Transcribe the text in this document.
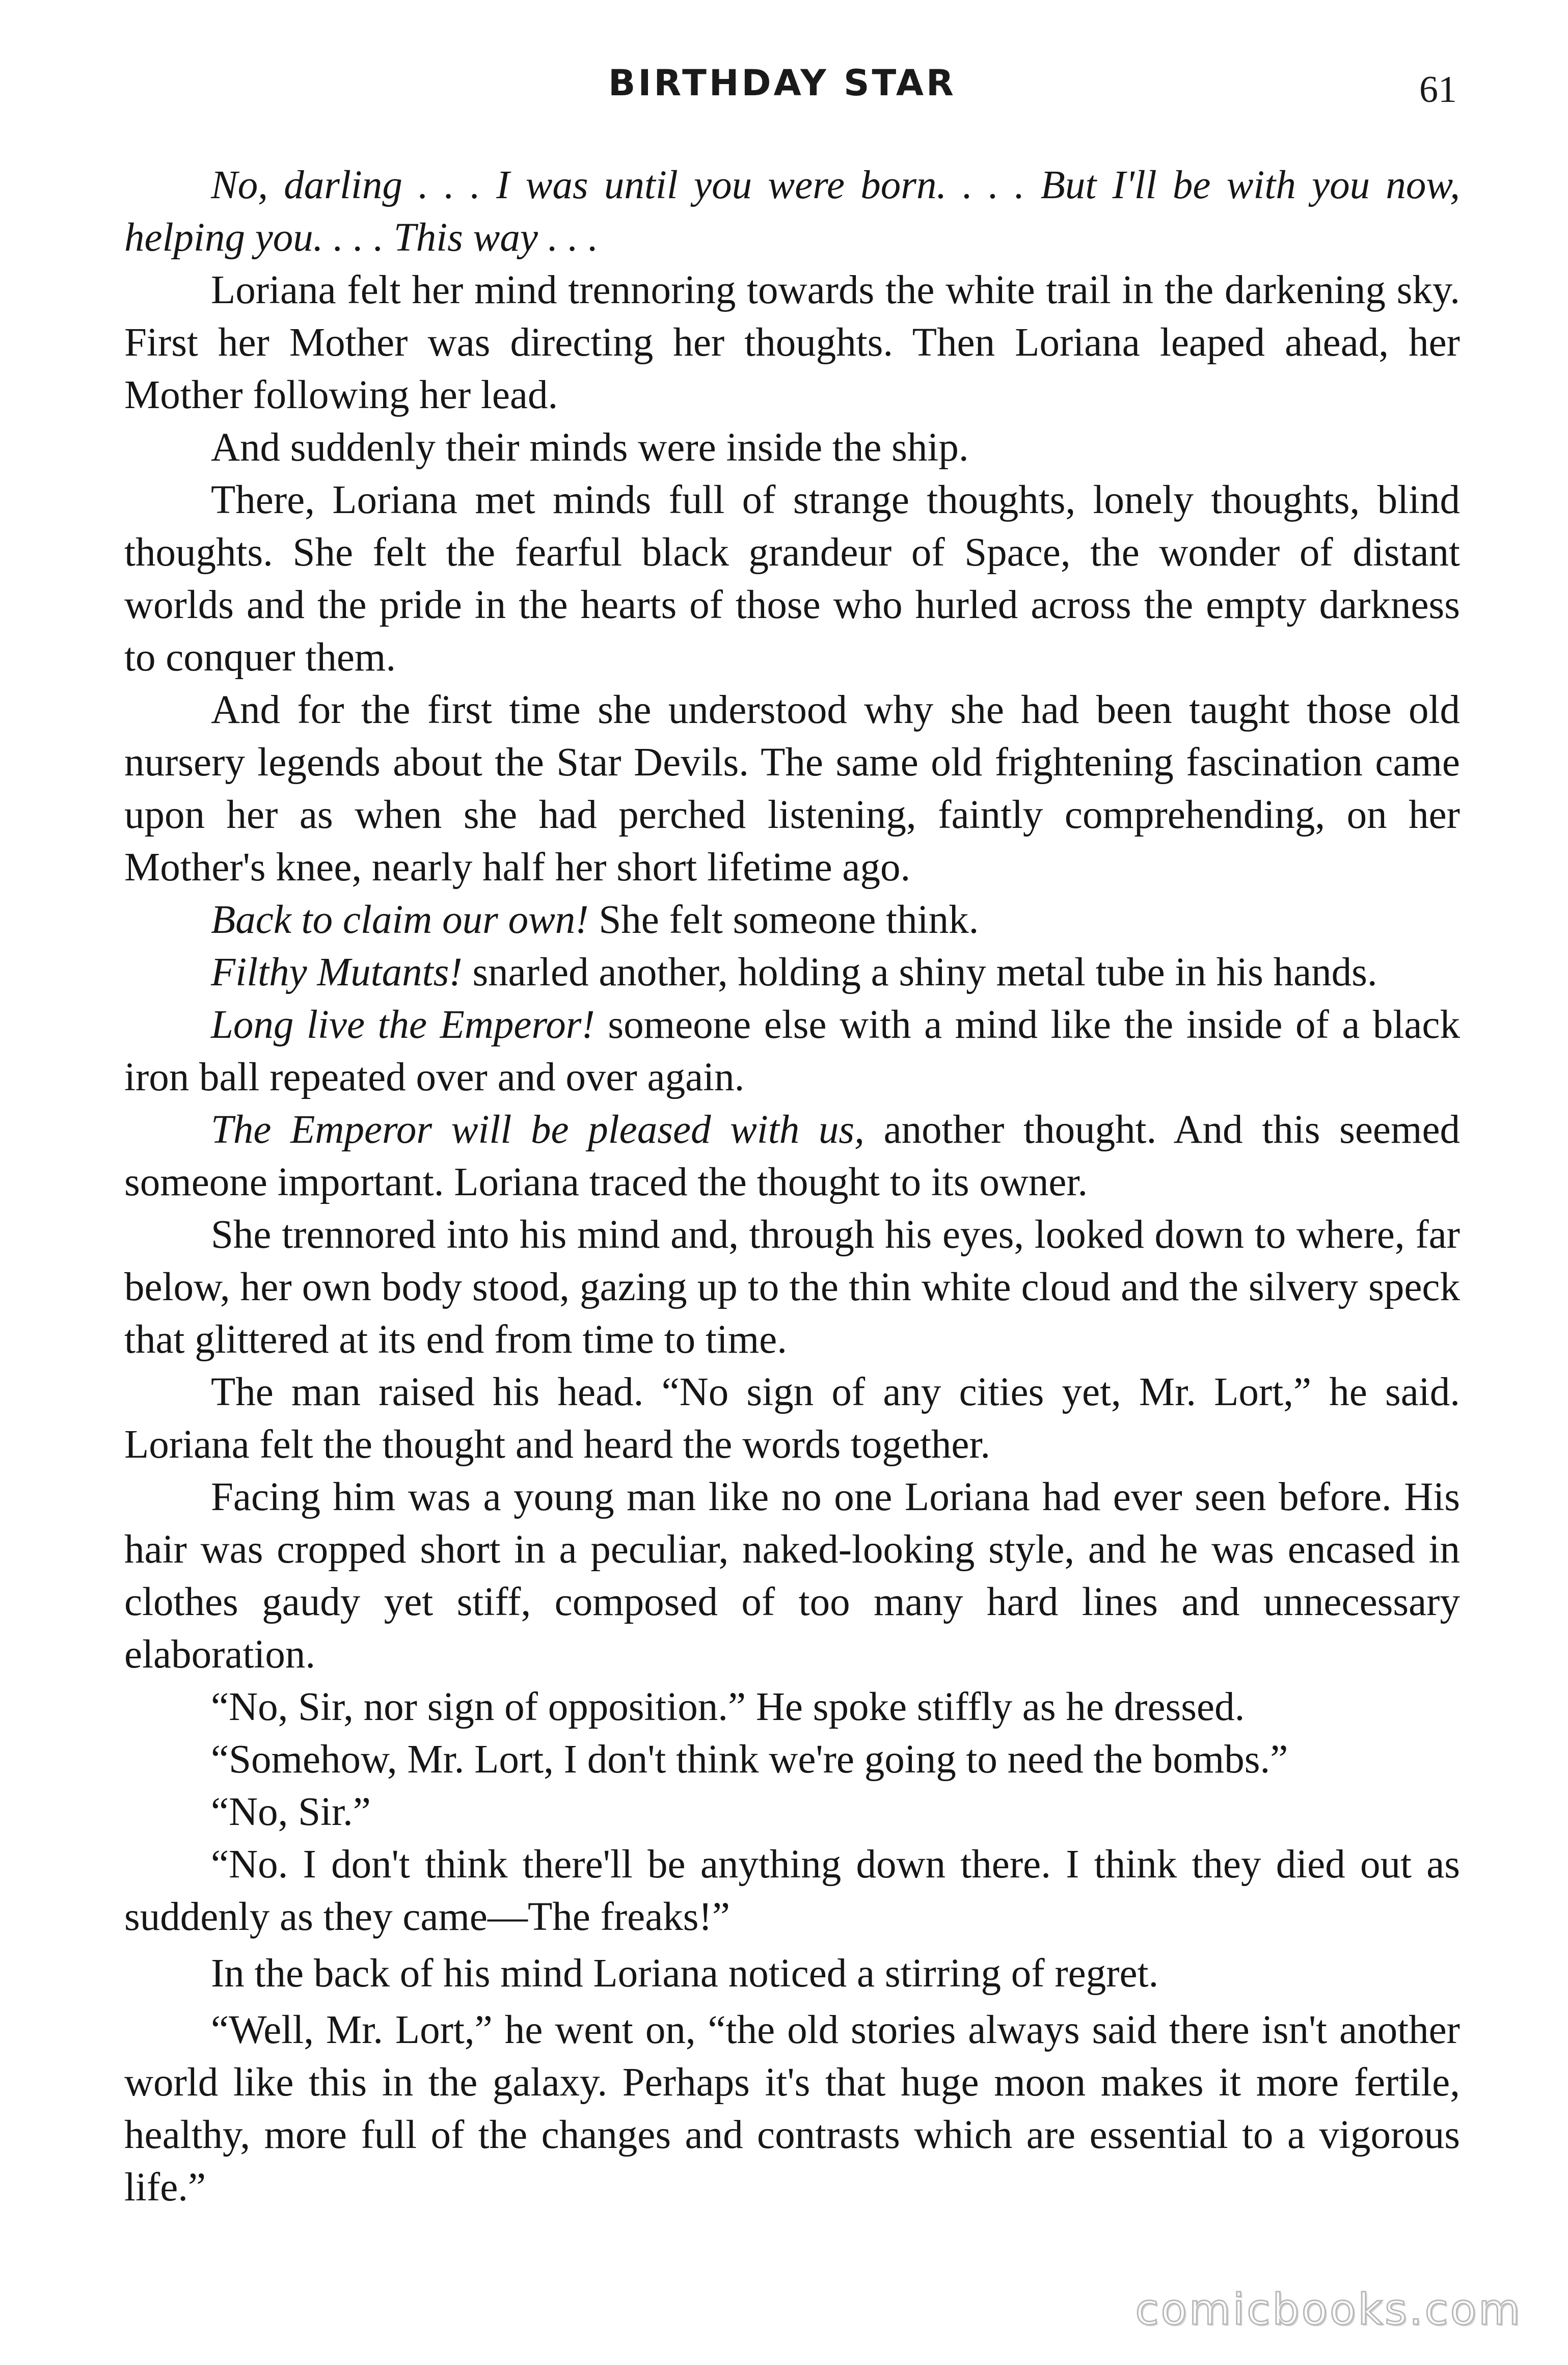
BIRTHDAY STAR	61

No, darling . . . I was until you were born. . . . But I'll be with you now, helping you. . . . This way . . .

Loriana felt her mind trennoring towards the white trail in the darkening sky. First her Mother was directing her thoughts. Then Loriana leaped ahead, her Mother following her lead.

And suddenly their minds were inside the ship.

There, Loriana met minds full of strange thoughts, lonely thoughts, blind thoughts. She felt the fearful black grandeur of Space, the wonder of distant worlds and the pride in the hearts of those who hurled across the empty darkness to conquer them.

And for the first time she understood why she had been taught those old nursery legends about the Star Devils. The same old frightening fascination came upon her as when she had perched listening, faintly comprehending, on her Mother's knee, nearly half her short lifetime ago.

Back to claim our own! She felt someone think.

Filthy Mutants! snarled another, holding a shiny metal tube in his hands.

Long live the Emperor! someone else with a mind like the inside of a black iron ball repeated over and over again.

The Emperor will be pleased with us, another thought. And this seemed someone important. Loriana traced the thought to its owner.

She trennored into his mind and, through his eyes, looked down to where, far below, her own body stood, gazing up to the thin white cloud and the silvery speck that glittered at its end from time to time.

The man raised his head. “No sign of any cities yet, Mr. Lort,” he said. Loriana felt the thought and heard the words together.

Facing him was a young man like no one Loriana had ever seen before. His hair was cropped short in a peculiar, naked-looking style, and he was encased in clothes gaudy yet stiff, composed of too many hard lines and unnecessary elaboration.

“No, Sir, nor sign of opposition.” He spoke stiffly as he dressed.

“Somehow, Mr. Lort, I don't think we're going to need the bombs.”

“No, Sir.”

“No. I don't think there'll be anything down there. I think they died out as suddenly as they came—The freaks!”

In the back of his mind Loriana noticed a stirring of regret.

“Well, Mr. Lort,” he went on, “the old stories always said there isn't another world like this in the galaxy. Perhaps it's that huge moon makes it more fertile, healthy, more full of the changes and contrasts which are essential to a vigorous life.”

comicbooks.com
